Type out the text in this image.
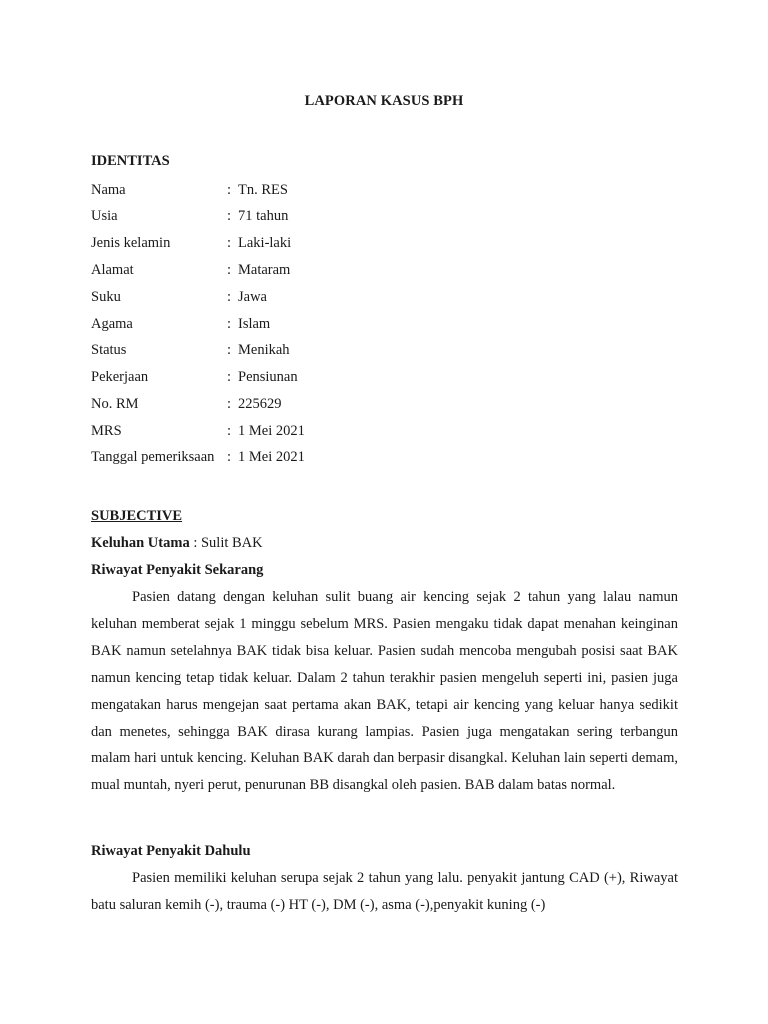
LAPORAN KASUS BPH
IDENTITAS
Nama	: Tn. RES
Usia	: 71 tahun
Jenis kelamin	: Laki-laki
Alamat	: Mataram
Suku	: Jawa
Agama	: Islam
Status	: Menikah
Pekerjaan	: Pensiunan
No. RM	: 225629
MRS	: 1 Mei 2021
Tanggal pemeriksaan : 1 Mei 2021
SUBJECTIVE
Keluhan Utama : Sulit BAK
Riwayat Penyakit Sekarang

Pasien datang dengan keluhan sulit buang air kencing sejak 2 tahun yang lalau namun keluhan memberat sejak 1 minggu sebelum MRS. Pasien mengaku tidak dapat menahan keinginan BAK namun setelahnya BAK tidak bisa keluar. Pasien sudah mencoba mengubah posisi saat BAK namun kencing tetap tidak keluar. Dalam 2 tahun terakhir pasien mengeluh seperti ini, pasien juga mengatakan harus mengejan saat pertama akan BAK, tetapi air kencing yang keluar hanya sedikit dan menetes, sehingga BAK dirasa kurang lampias. Pasien juga mengatakan sering terbangun malam hari untuk kencing. Keluhan BAK darah dan berpasir disangkal. Keluhan lain seperti demam, mual muntah, nyeri perut, penurunan BB disangkal oleh pasien. BAB dalam batas normal.

Riwayat Penyakit Dahulu

Pasien memiliki keluhan serupa sejak 2 tahun yang lalu. penyakit jantung CAD (+), Riwayat batu saluran kemih (-), trauma (-) HT (-), DM (-), asma (-),penyakit kuning (-)
